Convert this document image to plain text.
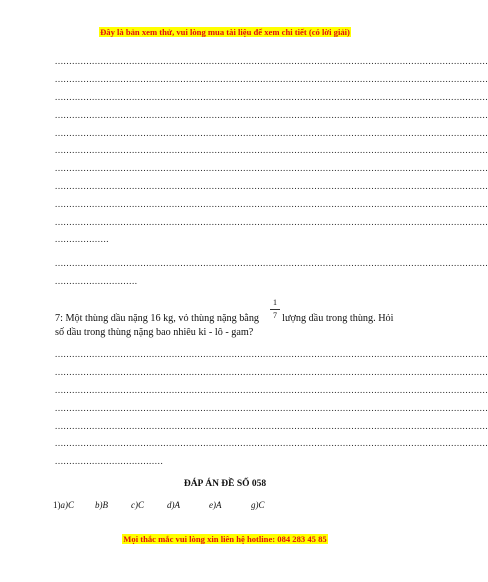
Đây là bản xem thử, vui lòng mua tài liệu để xem chi tiết (có lời giải)
........................................................................................................................................................
........................................................................................................................................................
........................................................................................................................................................
........................................................................................................................................................
........................................................................................................................................................
........................................................................................................................................................
........................................................................................................................................................
........................................................................................................................................................
........................................................................................................................................................
........................................................................................................................................................
...................
........................................................................................................................................................
.............................
7: Một thùng dầu nặng 16 kg, vỏ thùng nặng bằng lượng dầu trong thùng. Hỏi
1
7
số dầu trong thùng nặng bao nhiêu ki - lô - gam?
........................................................................................................................................................
........................................................................................................................................................
........................................................................................................................................................
........................................................................................................................................................
........................................................................................................................................................
........................................................................................................................................................
......................................
ĐÁP ÁN ĐỀ SỐ 058
1)a)C b)B	c)C	d)A	e)A	g)C
Mọi thắc mắc vui lòng xin liên hệ hotline: 084 283 45 85
